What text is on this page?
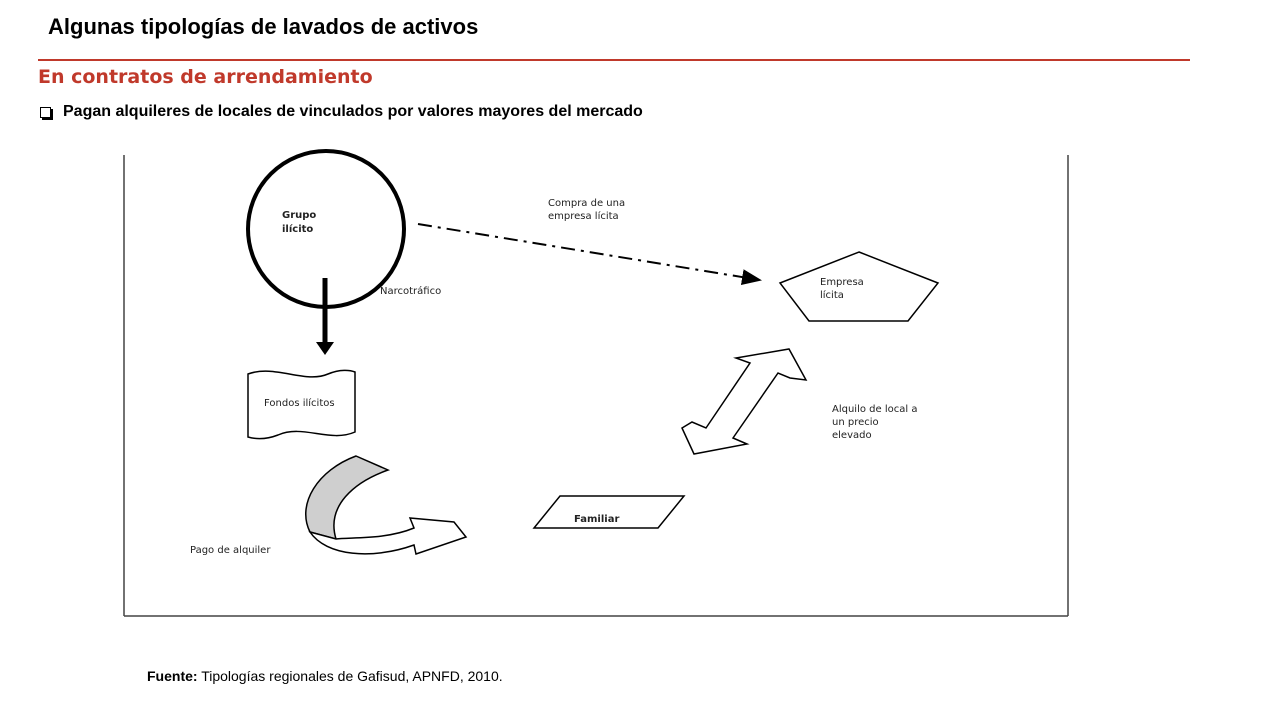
Algunas tipologías de lavados de activos
En contratos de arrendamiento
Pagan alquileres de locales de vinculados por valores mayores del mercado
Grupo
ilícito
Compra de una
empresa lícita
Empresa
lícita
Narcotráfico
Fondos ilícitos
Alquilo de local a
un precio
elevado
Pago de alquiler
Familiar
Fuente: Tipologías regionales de Gafisud, APNFD, 2010.
